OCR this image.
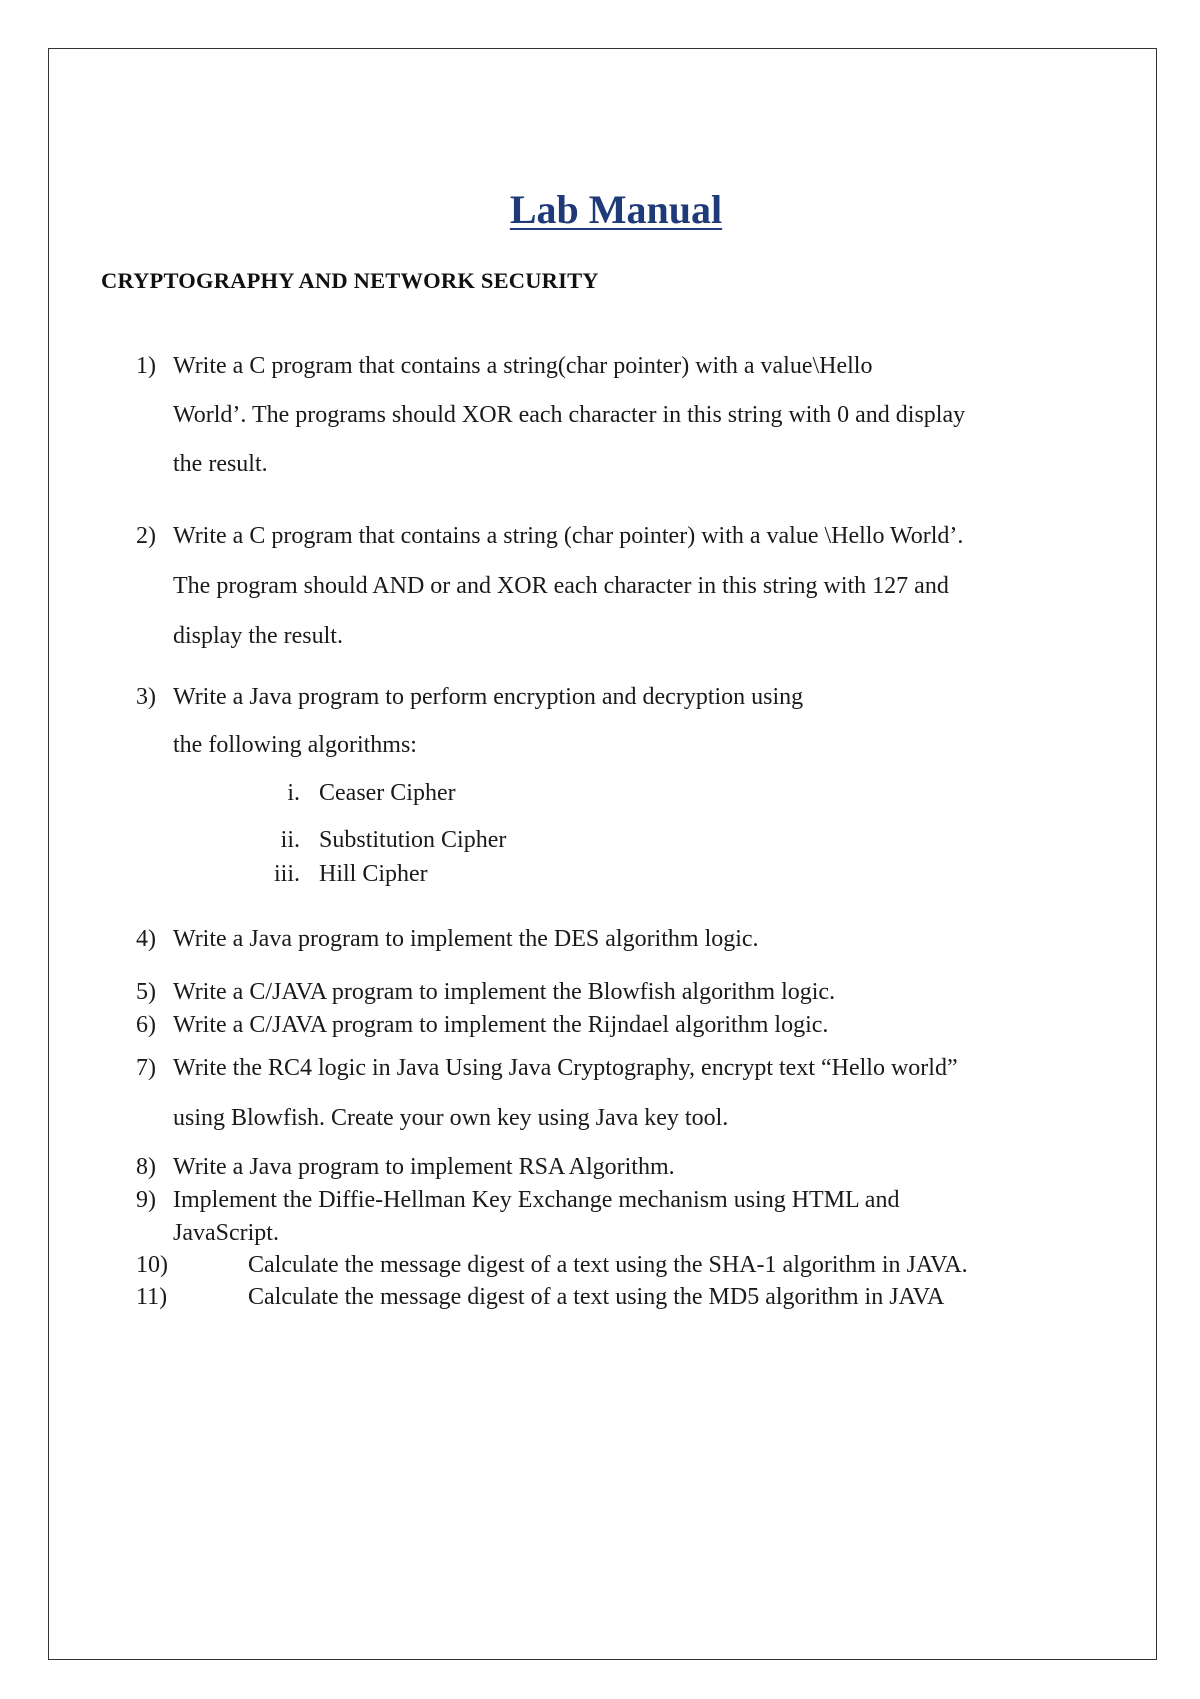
Lab Manual
CRYPTOGRAPHY AND NETWORK SECURITY
1) Write a C program that contains a string(char pointer) with a value\Hello
World’. The programs should XOR each character in this string with 0 and display
the result.
2) Write a C program that contains a string (char pointer) with a value \Hello World’.
The program should AND or and XOR each character in this string with 127 and
display the result.
3) Write a Java program to perform encryption and decryption using
the following algorithms:
i. Ceaser Cipher
ii. Substitution Cipher
iii. Hill Cipher
4) Write a Java program to implement the DES algorithm logic.
5) Write a C/JAVA program to implement the Blowfish algorithm logic.
6) Write a C/JAVA program to implement the Rijndael algorithm logic.
7) Write the RC4 logic in Java Using Java Cryptography, encrypt text “Hello world”
using Blowfish. Create your own key using Java key tool.
8) Write a Java program to implement RSA Algorithm.
9) Implement the Diffie-Hellman Key Exchange mechanism using HTML and
JavaScript.
10)	Calculate the message digest of a text using the SHA-1 algorithm in JAVA.
11)	Calculate the message digest of a text using the MD5 algorithm in JAVA
